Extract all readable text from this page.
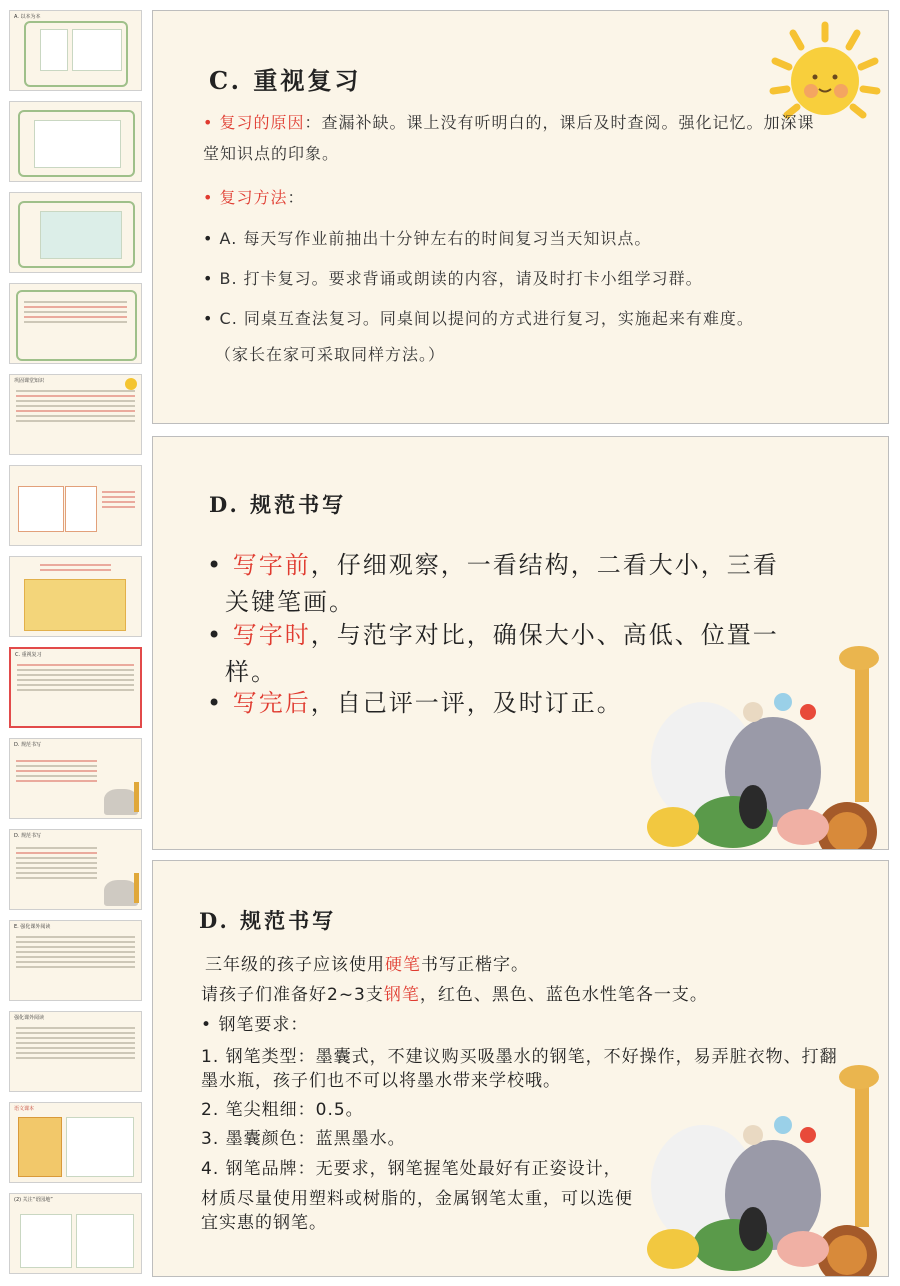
A. 以本为本
巩固课堂知识
C. 重视复习
D. 规范书写
D. 规范书写
E. 强化课外阅读
强化课外阅读
语文课本
(2) 关注“语园地”
C. 重视复习
• 复习的原因：查漏补缺。课上没有听明白的，课后及时查阅。强化记忆。加深课堂知识点的印象。
• 复习方法：
• A. 每天写作业前抽出十分钟左右的时间复习当天知识点。
• B. 打卡复习。要求背诵或朗读的内容，请及时打卡小组学习群。
• C. 同桌互查法复习。同桌间以提问的方式进行复习，实施起来有难度。
（家长在家可采取同样方法。）
D. 规范书写
• 写字前，仔细观察，一看结构，二看大小，三看
关键笔画。
• 写字时，与范字对比，确保大小、高低、位置一
样。
• 写完后，自己评一评，及时订正。
D. 规范书写
三年级的孩子应该使用硬笔书写正楷字。
请孩子们准备好2~3支钢笔，红色、黑色、蓝色水性笔各一支。
• 钢笔要求：
1. 钢笔类型：墨囊式，不建议购买吸墨水的钢笔，不好操作，易弄脏衣物、打翻墨水瓶，孩子们也不可以将墨水带来学校哦。
2. 笔尖粗细：0.5。
3. 墨囊颜色：蓝黑墨水。
4. 钢笔品牌：无要求，钢笔握笔处最好有正姿设计，
材质尽量使用塑料或树脂的，金属钢笔太重，可以选便宜实惠的钢笔。
